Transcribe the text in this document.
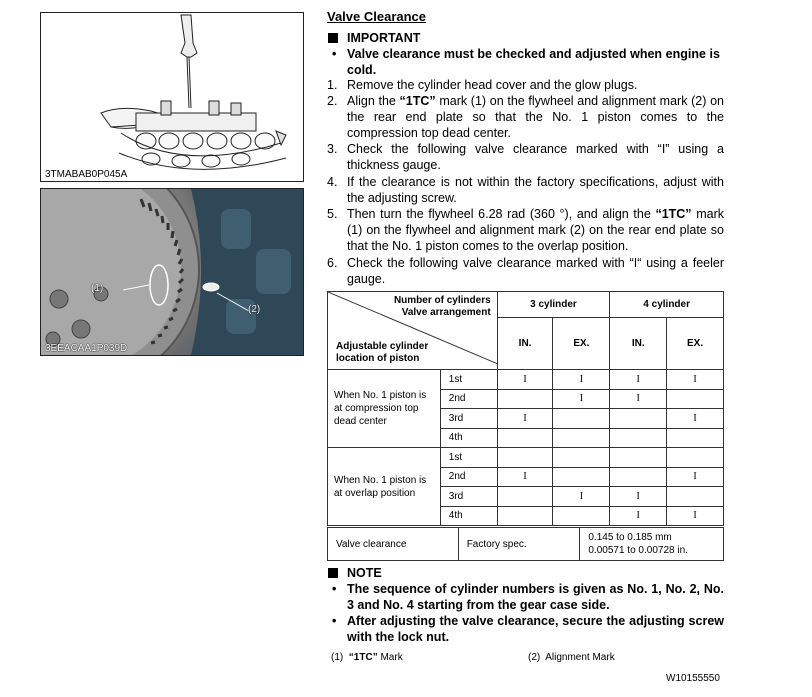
3TMABAB0P045A
(1)
(2)
3EEACAA1P039D
Valve Clearance
IMPORTANT
• Valve clearance must be checked and adjusted when engine is cold.
1. Remove the cylinder head cover and the glow plugs.
2. Align the “1TC” mark (1) on the flywheel and alignment mark (2) on the rear end plate so that the No. 1 piston comes to the compression top dead center.
3. Check the following valve clearance marked with “I” using a thickness gauge.
4. If the clearance is not within the factory specifications, adjust with the adjusting screw.
5. Then turn the flywheel 6.28 rad (360 °), and align the “1TC” mark (1) on the flywheel and alignment mark (2) on the rear end plate so that the No. 1 piston comes to the overlap position.
6. Check the following valve clearance marked with “I“ using a feeler gauge.
Number of cylinders
Valve arrangement
Adjustable cylinder
location of piston		3 cylinder		4 cylinder	
		IN.	EX.	IN.	EX.
When No. 1 piston is at compression top dead center	1st	I	I	I	I
	2nd		I	I	
	3rd	I			I
	4th				
When No. 1 piston is at overlap position	1st				
	2nd	I			I
	3rd		I	I	
	4th			I	I
Valve clearance	Factory spec.	
0.145 to 0.185 mm
0.00571 to 0.00728 in.
NOTE
• The sequence of cylinder numbers is given as No. 1, No. 2, No. 3 and No. 4 starting from the gear case side.
• After adjusting the valve clearance, secure the adjusting screw with the lock nut.
(1) “1TC” Mark	(2)  Alignment Mark
W10155550
